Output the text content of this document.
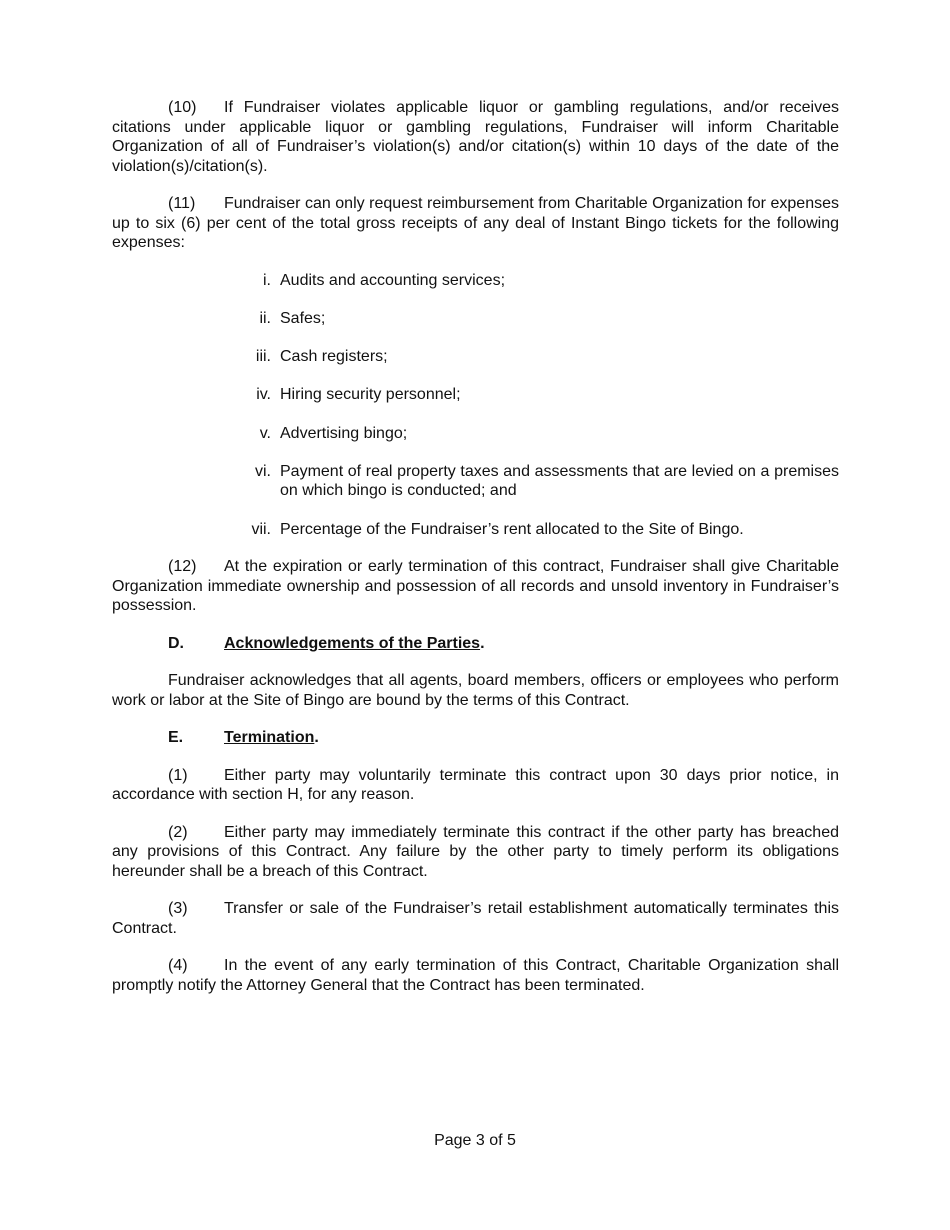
(10) If Fundraiser violates applicable liquor or gambling regulations, and/or receives citations under applicable liquor or gambling regulations, Fundraiser will inform Charitable Organization of all of Fundraiser’s violation(s) and/or citation(s) within 10 days of the date of the violation(s)/citation(s).

(11) Fundraiser can only request reimbursement from Charitable Organization for expenses up to six (6) per cent of the total gross receipts of any deal of Instant Bingo tickets for the following expenses:

i. Audits and accounting services;
ii. Safes;
iii. Cash registers;
iv. Hiring security personnel;
v. Advertising bingo;
vi. Payment of real property taxes and assessments that are levied on a premises on which bingo is conducted; and
vii. Percentage of the Fundraiser’s rent allocated to the Site of Bingo.

(12) At the expiration or early termination of this contract, Fundraiser shall give Charitable Organization immediate ownership and possession of all records and unsold inventory in Fundraiser’s possession.

D.	Acknowledgements of the Parties.

Fundraiser acknowledges that all agents, board members, officers or employees who perform work or labor at the Site of Bingo are bound by the terms of this Contract.

E.	Termination.

(1) Either party may voluntarily terminate this contract upon 30 days prior notice, in accordance with section H, for any reason.

(2) Either party may immediately terminate this contract if the other party has breached any provisions of this Contract. Any failure by the other party to timely perform its obligations hereunder shall be a breach of this Contract.

(3) Transfer or sale of the Fundraiser’s retail establishment automatically terminates this Contract.

(4) In the event of any early termination of this Contract, Charitable Organization shall promptly notify the Attorney General that the Contract has been terminated.

Page 3 of 5
